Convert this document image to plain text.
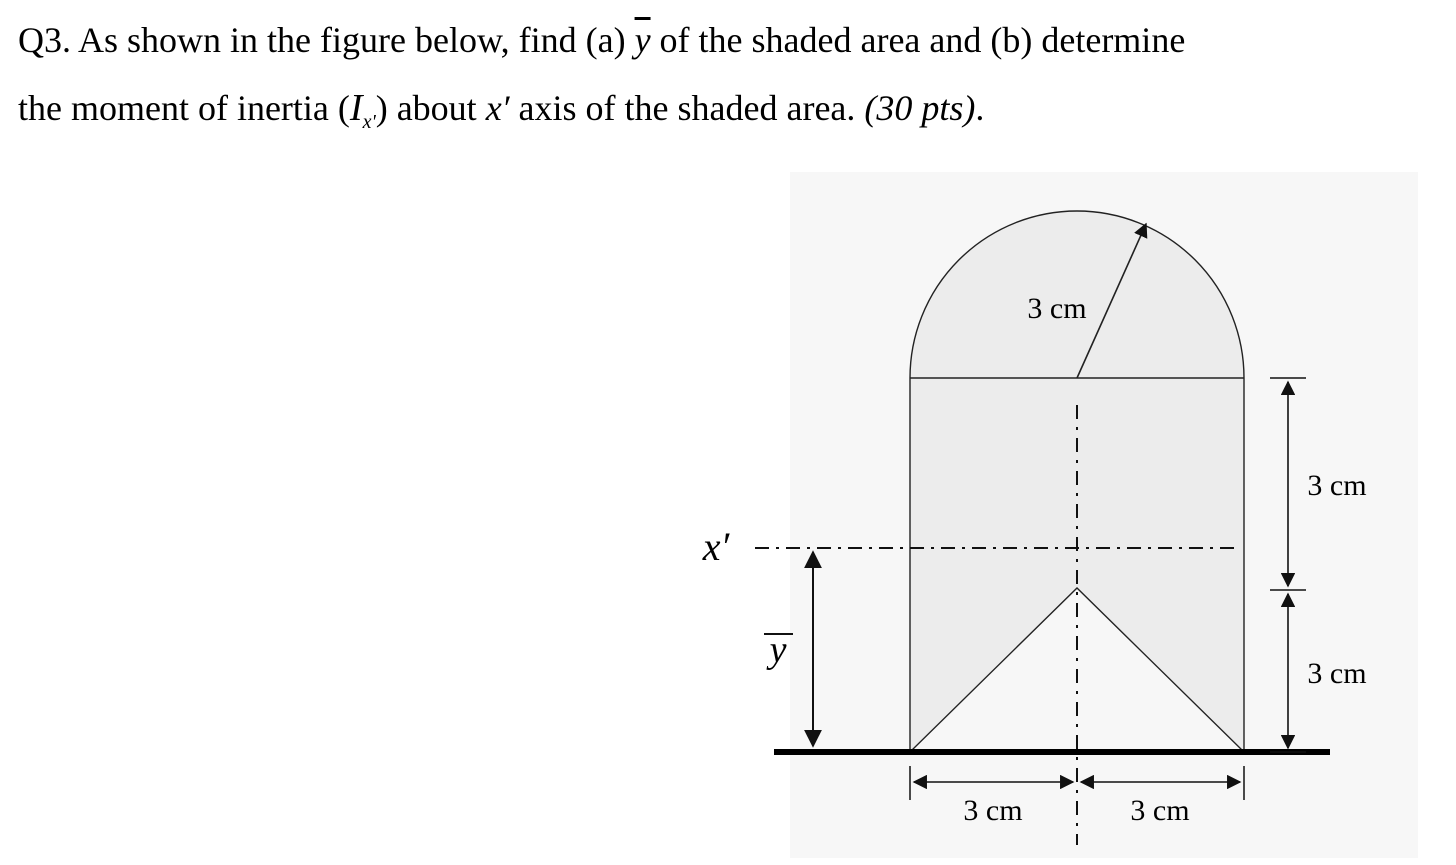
Q3. As shown in the figure below, find (a) $\overline{y}$ of the shaded area and (b) determine
the moment of inertia $(I_{x'})$ about x′ axis of the shaded area. (30 pts).
3 cm
x′
y
3 cm
3 cm
3 cm	3 cm
